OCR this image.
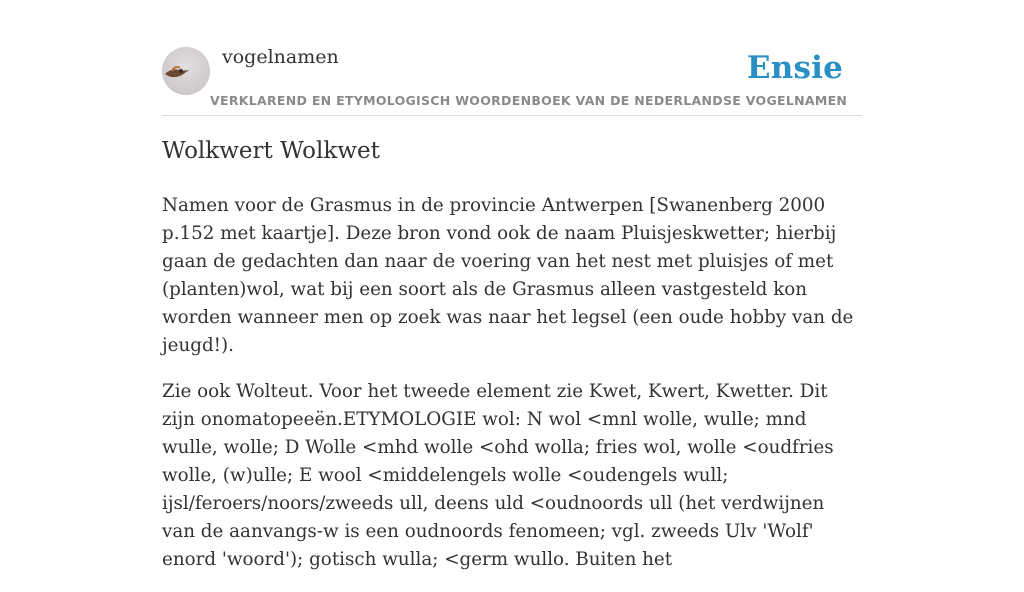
vogelnamen	Ensie
VERKLAREND EN ETYMOLOGISCH WOORDENBOEK VAN DE NEDERLANDSE VOGELNAMEN
Wolkwert Wolkwet

Namen voor de Grasmus in de provincie Antwerpen [Swanenberg 2000 p.152 met kaartje]. Deze bron vond ook de naam Pluisjeskwetter; hierbij gaan de gedachten dan naar de voering van het nest met pluisjes of met (planten)wol, wat bij een soort als de Grasmus alleen vastgesteld kon worden wanneer men op zoek was naar het legsel (een oude hobby van de jeugd!).

Zie ook Wolteut. Voor het tweede element zie Kwet, Kwert, Kwetter. Dit zijn onomatopeeën.ETYMOLOGIE wol: N wol <mnl wolle, wulle; mnd wulle, wolle; D Wolle <mhd wolle <ohd wolla; fries wol, wolle <oudfries wolle, (w)ulle; E wool <middelengels wolle <oudengels wull; ijsl/feroers/noors/zweeds ull, deens uld <oudnoords ull (het verdwijnen van de aanvangs-w is een oudnoords fenomeen; vgl. zweeds Ulv 'Wolf' enord 'woord'); gotisch wulla; <germ wullo. Buiten het
